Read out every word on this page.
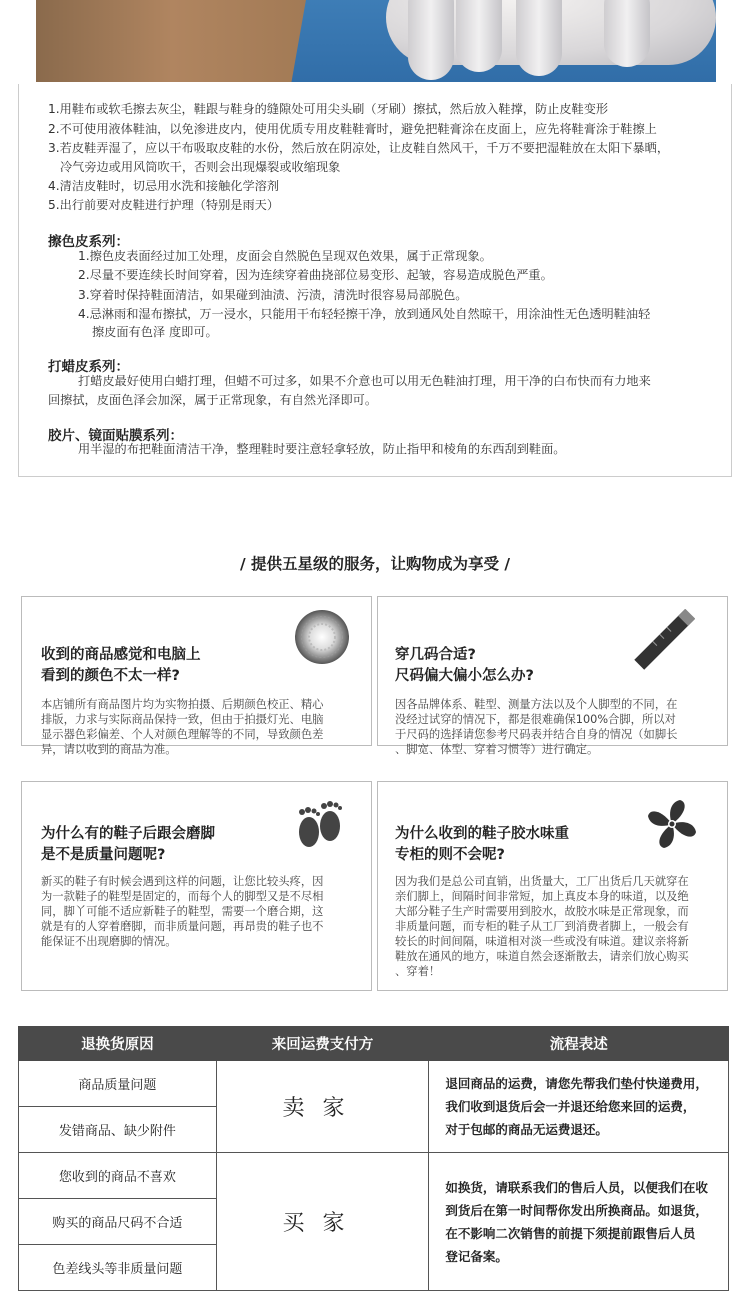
1.用鞋布或软毛擦去灰尘，鞋跟与鞋身的缝隙处可用尖头刷（牙刷）擦拭，然后放入鞋撑，防止皮鞋变形
2.不可使用液体鞋油，以免渗进皮内，使用优质专用皮鞋鞋膏时，避免把鞋膏涂在皮面上，应先将鞋膏涂于鞋擦上
3.若皮鞋弄湿了，应以干布吸取皮鞋的水份，然后放在阴凉处，让皮鞋自然风干，千万不要把湿鞋放在太阳下暴晒，
冷气旁边或用风筒吹干，否则会出现爆裂或收缩现象
4.清洁皮鞋时，切忌用水洗和接触化学溶剂
5.出行前要对皮鞋进行护理（特别是雨天）
擦色皮系列：
1.擦色皮表面经过加工处理，皮面会自然脱色呈现双色效果，属于正常现象。
2.尽量不要连续长时间穿着，因为连续穿着曲挠部位易变形、起皱，容易造成脱色严重。
3.穿着时保持鞋面清洁，如果碰到油渍、污渍，清洗时很容易局部脱色。
4.忌淋雨和湿布擦拭，万一浸水，只能用干布轻轻擦干净，放到通风处自然晾干，用涂油性无色透明鞋油轻
擦皮面有色泽 度即可。
打蜡皮系列：
打蜡皮最好使用白蜡打理，但蜡不可过多，如果不介意也可以用无色鞋油打理，用干净的白布快而有力地来
回擦拭，皮面色泽会加深，属于正常现象，有自然光泽即可。
胶片、镜面贴膜系列：
用半湿的布把鞋面清洁干净，整理鞋时要注意轻拿轻放，防止指甲和棱角的东西刮到鞋面。
/ 提供五星级的服务，让购物成为享受 /
收到的商品感觉和电脑上
看到的颜色不太一样?
本店铺所有商品图片均为实物拍摄、后期颜色校正、精心
排版，力求与实际商品保持一致，但由于拍摄灯光、电脑
显示器色彩偏差、个人对颜色理解等的不同，导致颜色差
异，请以收到的商品为准。
穿几码合适?
尺码偏大偏小怎么办?
因各品牌体系、鞋型、测量方法以及个人脚型的不同，在
没经过试穿的情况下，都是很难确保100%合脚，所以对
于尺码的选择请您参考尺码表并结合自身的情况（如脚长
、脚宽、体型、穿着习惯等）进行确定。
为什么有的鞋子后跟会磨脚
是不是质量问题呢?
新买的鞋子有时候会遇到这样的问题，让您比较头疼，因
为一款鞋子的鞋型是固定的，而每个人的脚型又是不尽相
同，脚丫可能不适应新鞋子的鞋型，需要一个磨合期，这
就是有的人穿着磨脚，而非质量问题，再昂贵的鞋子也不
能保证不出现磨脚的情况。
为什么收到的鞋子胶水味重
专柜的则不会呢?
因为我们是总公司直销，出货量大，工厂出货后几天就穿在
亲们脚上，间隔时间非常短，加上真皮本身的味道，以及绝
大部分鞋子生产时需要用到胶水，故胶水味是正常现象，而
非质量问题，而专柜的鞋子从工厂到消费者脚上，一般会有
较长的时间间隔，味道相对淡一些或没有味道。建议亲将新
鞋放在通风的地方，味道自然会逐渐散去，请亲们放心购买
、穿着！
退换货原因	来回运费支付方	流程表述
商品质量问题	卖家	退回商品的运费，请您先帮我们垫付快递费用，
我们收到退货后会一并退还给您来回的运费，
对于包邮的商品无运费退还。

发错商品、缺少附件		
您收到的商品不喜欢	买家	如换货，请联系我们的售后人员，以便我们在收
到货后在第一时间帮你发出所换商品。如退货，
在不影响二次销售的前提下须提前跟售后人员
登记备案。

购买的商品尺码不合适		
色差线头等非质量问题		
